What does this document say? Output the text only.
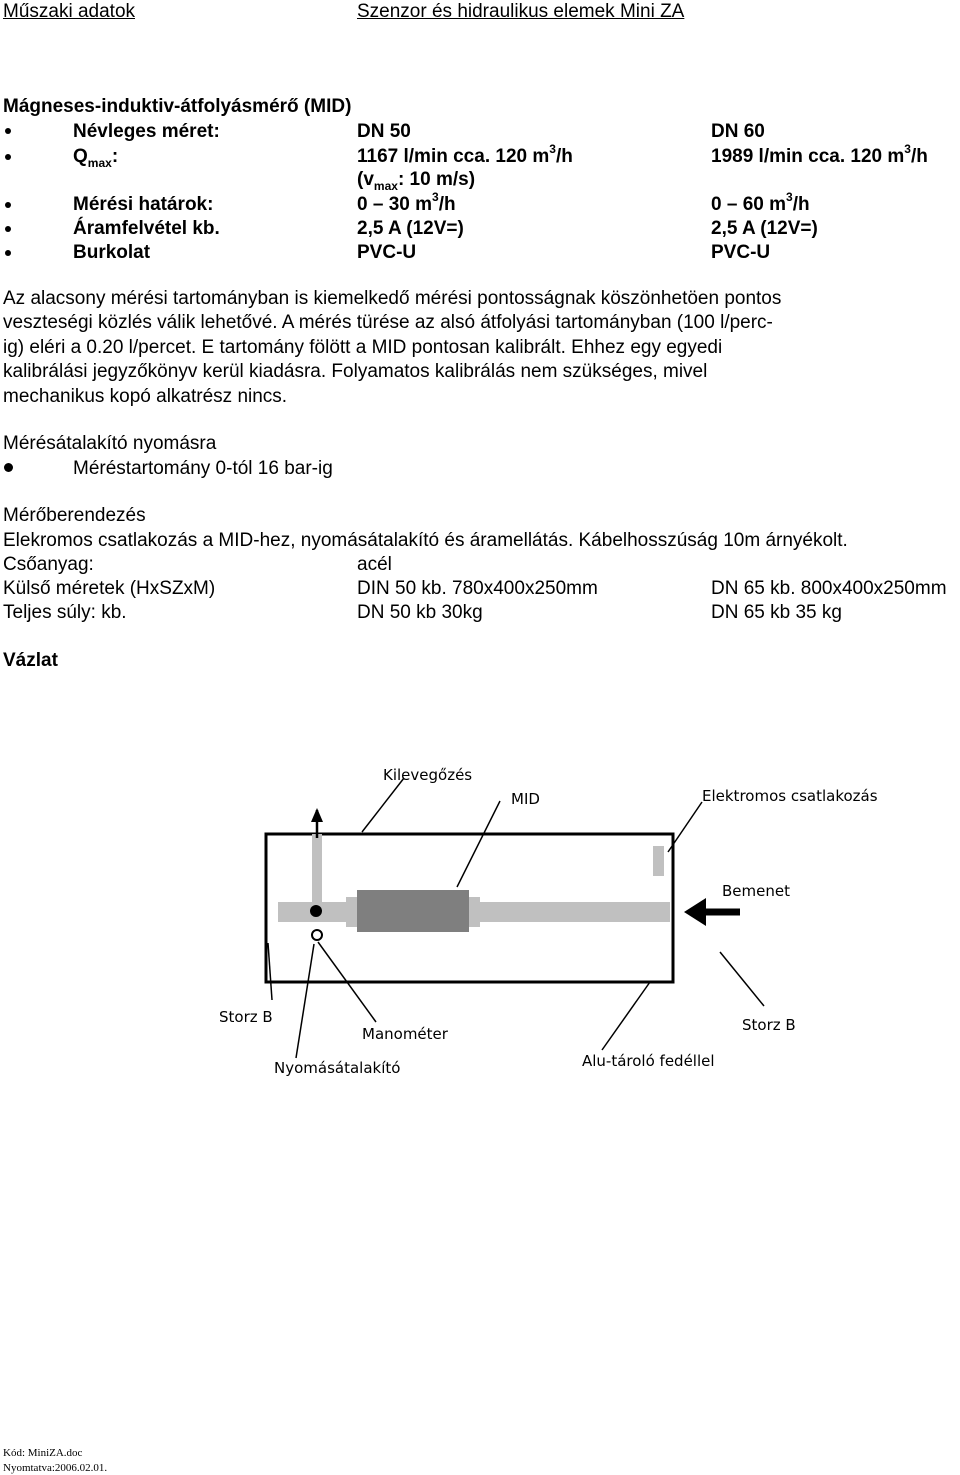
Műszaki adatok	Szenzor és hidraulikus elemek Mini ZA
Mágneses-induktiv-átfolyásmérő (MID)
Névleges méret:	DN 50	DN 60
$Q_{max}$:	1167 l/min cca. 120 $m^3/h$	1989 l/min cca. 120 $m^3/h$
($v_{max}$: 10 m/s)
Mérési határok:	0 – 30 $m^3/h$	0 – 60 $m^3/h$
Áramfelvétel kb.	2,5 A (12V=)	2,5 A (12V=)
Burkolat	PVC-U	PVC-U
Az alacsony mérési tartományban is kiemelkedő mérési pontosságnak köszönhetöen pontos veszteségi közlés válik lehetővé. A mérés türése az alsó átfolyási tartományban (100 l/perc-ig) eléri a 0.20 l/percet. E tartomány fölött a MID pontosan kalibrált. Ehhez egy egyedi kalibrálási jegyzőkönyv kerül kiadásra. Folyamatos kalibrálás nem szükséges, mivel mechanikus kopó alkatrész nincs.
Mérésátalakító nyomásra
Méréstartomány 0-tól 16 bar-ig
Mérőberendezés
Elekromos csatlakozás a MID-hez, nyomásátalakító és áramellátás. Kábelhosszúság 10m árnyékolt.
Csőanyag:	acél
Külső méretek (HxSZxM)	DIN 50 kb. 780x400x250mm	DN 65 kb. 800x400x250mm
Teljes súly: kb.	DN 50 kb 30kg	DN 65 kb 35 kg
Vázlat
Kilevegőzés
MID	Elektromos csatlakozás
Bemenet
Storz B	Storz B
Manométer
Nyomásátalakító	Alu-tároló fedéllel
Kód: MiniZA.doc
Nyomtatva:2006.02.01.
